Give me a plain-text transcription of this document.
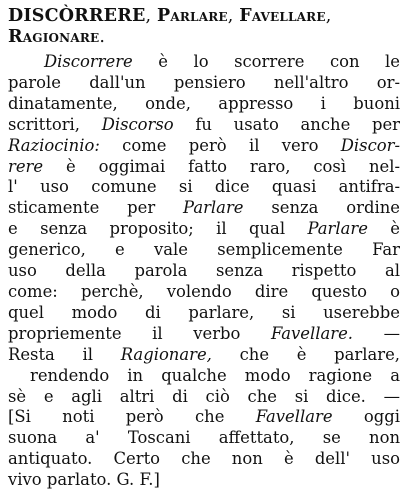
DISCÒRRERE, Parlare, Favellare,
Ragionare.
Discorrere è lo scorrere con le
parole dall'un pensiero nell'altro or-
dinatamente, onde, appresso i buoni
scrittori, Discorso fu usato anche per
Raziocinio: come però il vero Discor-
rere è oggimai fatto raro, così nel-
l' uso comune si dice quasi antifra-
sticamente per Parlare senza ordine
e senza proposito; il qual Parlare è
generico, e vale semplicemente Far
uso della parola senza rispetto al
come: perchè, volendo dire questo o
quel modo di parlare, si userebbe
propriemente il verbo Favellare. —
Resta il Ragionare, che è parlare,
rendendo in qualche modo ragione a
sè e agli altri di ciò che si dice. —
[Si noti però che Favellare oggi
suona a' Toscani affettato, se non
antiquato. Certo che non è dell' uso
vivo parlato. G. F.]
